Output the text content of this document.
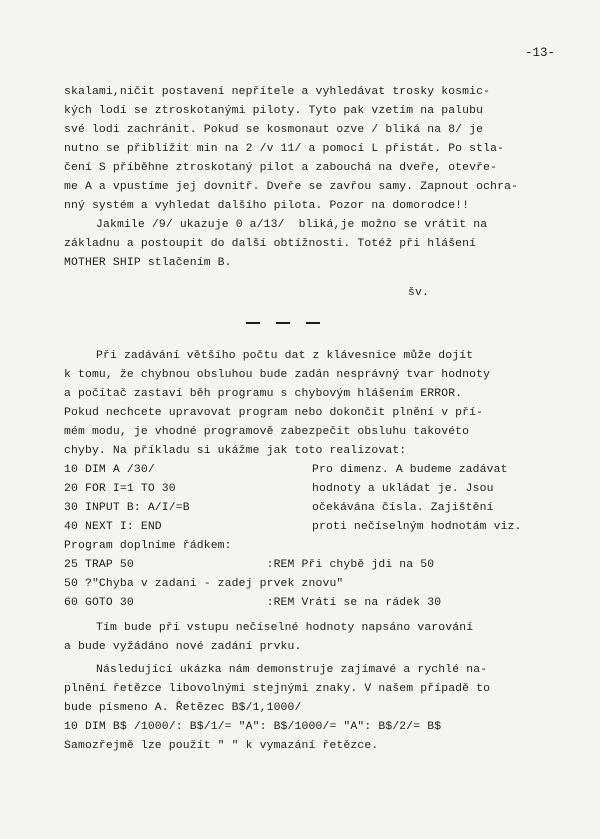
-13-
skalami,ničit postavení nepřítele a vyhledávat trosky kosmic-
kých lodí se ztroskotanými piloty. Tyto pak vzetím na palubu
své lodi zachránit. Pokud se kosmonaut ozve / bliká na 8/ je
nutno se přiblížit min na 2 /v 11/ a pomocí L přistát. Po stla-
čení S příběhne ztroskotaný pilot a zabouchá na dveře, otevře-
me A a vpustíme jej dovnitř. Dveře se zavřou samy. Zapnout ochra-
nný systém a vyhledat dalšího pilota. Pozor na domorodce!!
Jakmile /9/ ukazuje 0 a/13/  bliká,je možno se vrátit na
základnu a postoupit do další obtížnosti. Totéž při hlášení
MOTHER SHIP stlačením B.
šv.
Při zadávání většího počtu dat z klávesnice může dojít
k tomu, že chybnou obsluhou bude zadán nesprávný tvar hodnoty
a počítač zastaví běh programu s chybovým hlášením ERROR.
Pokud nechcete upravovat program nebo dokončit plnění v pří-
mém modu, je vhodné programově zabezpečit obsluhu takovéto
chyby. Na příkladu si ukážme jak toto realizovat:
10 DIM A /30/
20 FOR I=1 TO 30
30 INPUT B: A/I/=B
40 NEXT I: END
Pro dimenz. A budeme zadávat
hodnoty a ukládat je. Jsou
očekávána čísla. Zajištění
proti nečíselným hodnotám viz.
Program doplníme řádkem:
25 TRAP 50                   :REM Při chybě jdi na 50
50 ?"Chyba v zadani - zadej prvek znovu"
60 GOTO 30                   :REM Vrátí se na rádek 30
Tím bude při vstupu nečíselné hodnoty napsáno varování
a bude vyžádáno nové zadání prvku.
Následující ukázka nám demonstruje zajímavé a rychlé na-
plnění řetězce libovolnými stejnými znaky. V našem případě to
bude písmeno A. Řetězec B$/1,1000/
10 DIM B$ /1000/: B$/1/= "A": B$/1000/= "A": B$/2/= B$
Samozřejmě lze použít " " k vymazání řetězce.
